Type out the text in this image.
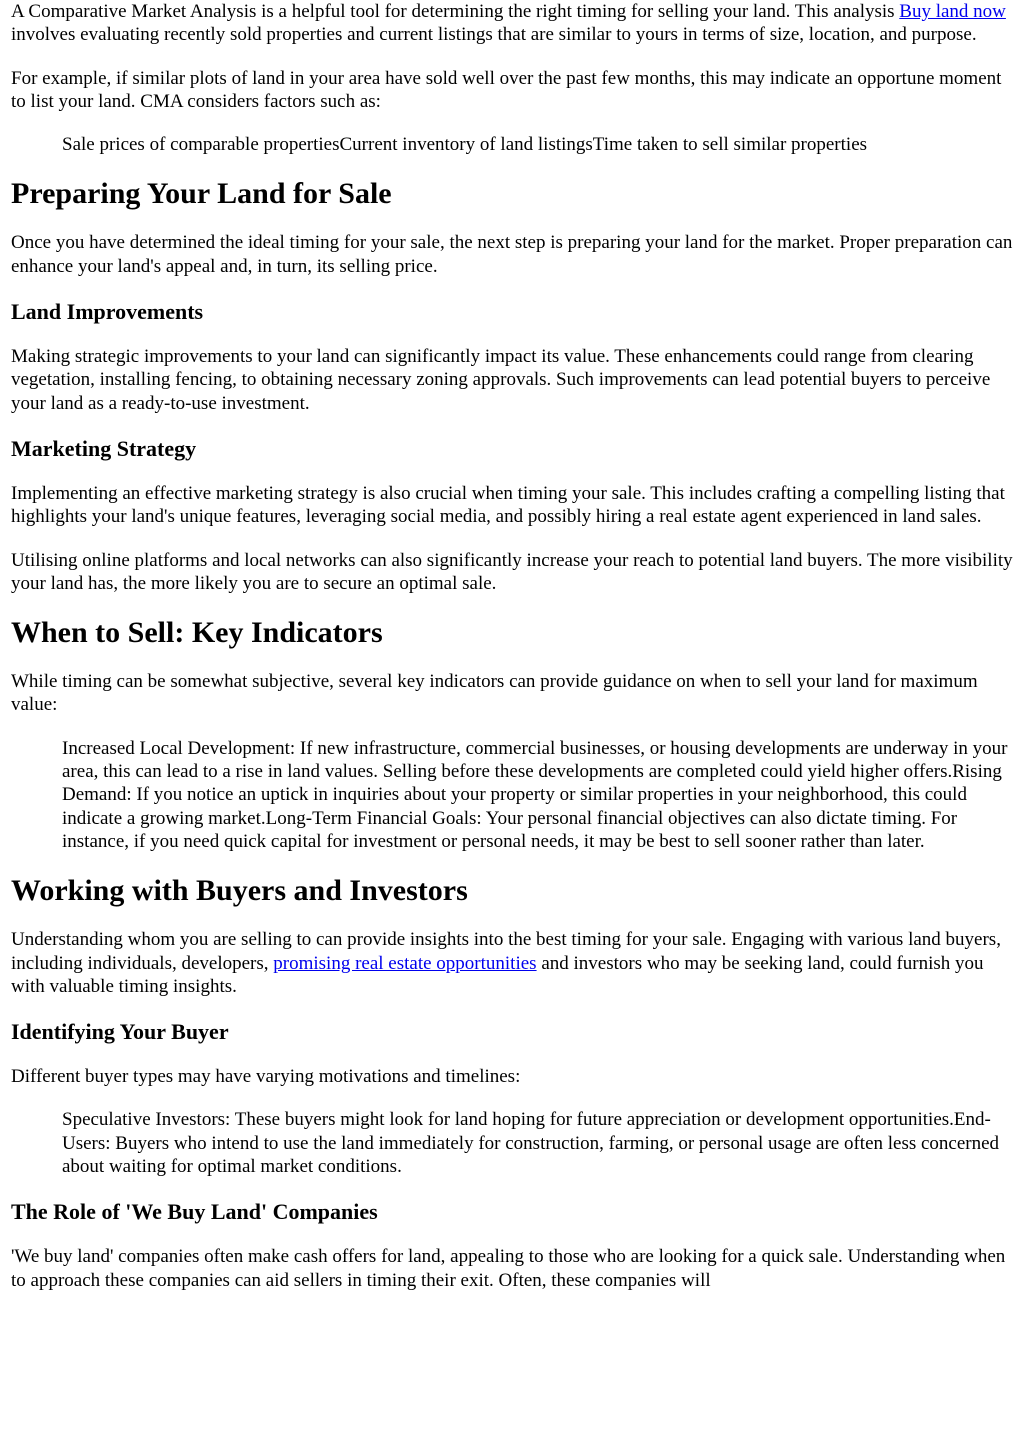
A Comparative Market Analysis is a helpful tool for determining the right timing for selling your land. This analysis Buy land now involves evaluating recently sold properties and current listings that are similar to yours in terms of size, location, and purpose.

For example, if similar plots of land in your area have sold well over the past few months, this may indicate an opportune moment to list your land. CMA considers factors such as:

Sale prices of comparable propertiesCurrent inventory of land listingsTime taken to sell similar properties
Preparing Your Land for Sale

Once you have determined the ideal timing for your sale, the next step is preparing your land for the market. Proper preparation can enhance your land's appeal and, in turn, its selling price.

Land Improvements

Making strategic improvements to your land can significantly impact its value. These enhancements could range from clearing vegetation, installing fencing, to obtaining necessary zoning approvals. Such improvements can lead potential buyers to perceive your land as a ready-to-use investment.

Marketing Strategy

Implementing an effective marketing strategy is also crucial when timing your sale. This includes crafting a compelling listing that highlights your land's unique features, leveraging social media, and possibly hiring a real estate agent experienced in land sales.

Utilising online platforms and local networks can also significantly increase your reach to potential land buyers. The more visibility your land has, the more likely you are to secure an optimal sale.

When to Sell: Key Indicators

While timing can be somewhat subjective, several key indicators can provide guidance on when to sell your land for maximum value:

Increased Local Development: If new infrastructure, commercial businesses, or housing developments are underway in your area, this can lead to a rise in land values. Selling before these developments are completed could yield higher offers.Rising Demand: If you notice an uptick in inquiries about your property or similar properties in your neighborhood, this could indicate a growing market.Long-Term Financial Goals: Your personal financial objectives can also dictate timing. For instance, if you need quick capital for investment or personal needs, it may be best to sell sooner rather than later.
Working with Buyers and Investors

Understanding whom you are selling to can provide insights into the best timing for your sale. Engaging with various land buyers, including individuals, developers, promising real estate opportunities and investors who may be seeking land, could furnish you with valuable timing insights.

Identifying Your Buyer

Different buyer types may have varying motivations and timelines:

Speculative Investors: These buyers might look for land hoping for future appreciation or development opportunities.End-Users: Buyers who intend to use the land immediately for construction, farming, or personal usage are often less concerned about waiting for optimal market conditions.
The Role of 'We Buy Land' Companies

'We buy land' companies often make cash offers for land, appealing to those who are looking for a quick sale. Understanding when to approach these companies can aid sellers in timing their exit. Often, these companies will
